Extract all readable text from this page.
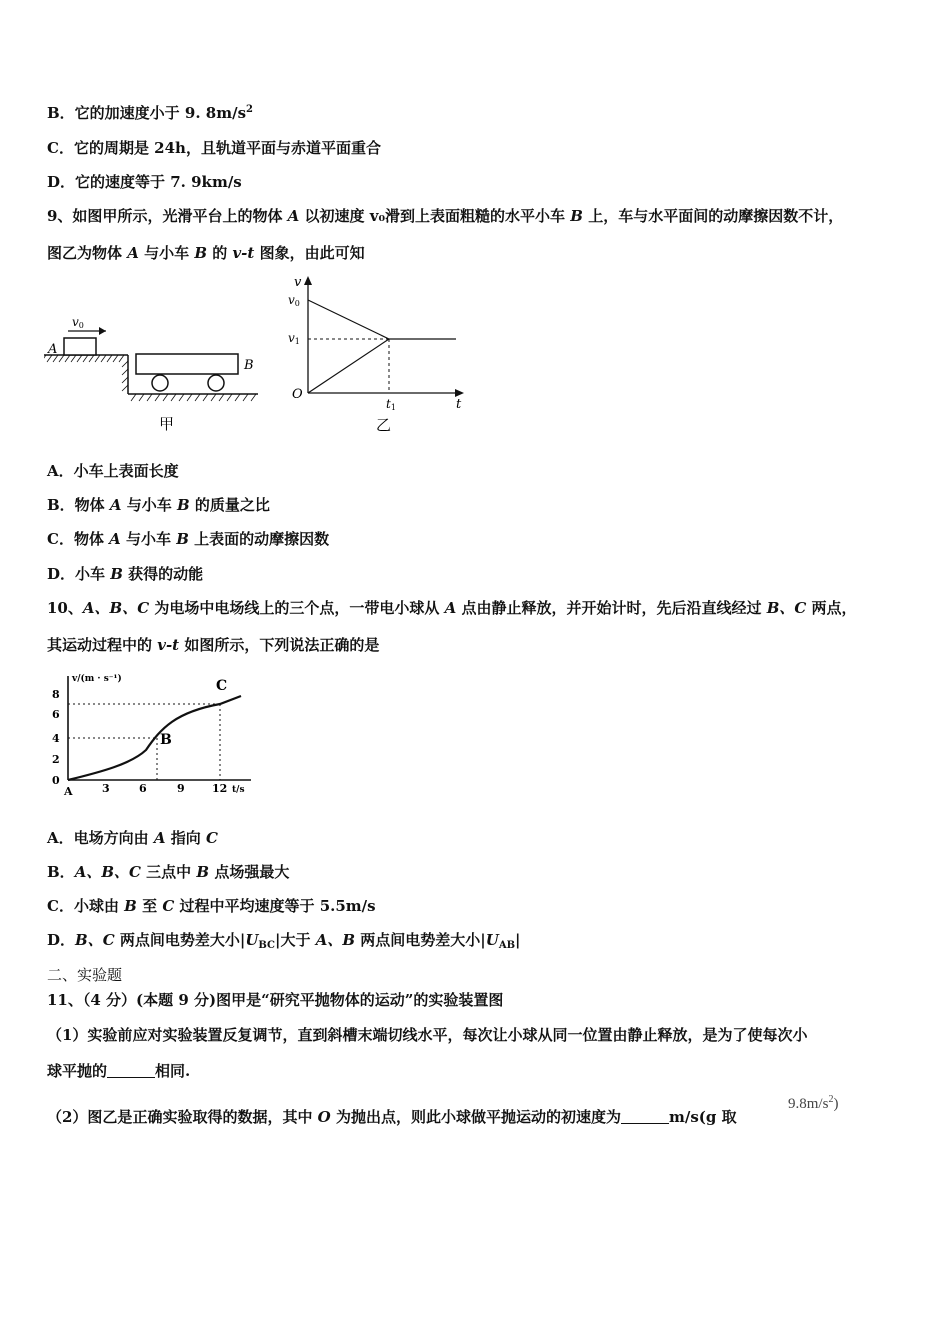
B．它的加速度小于 9. $8m/s^2$
C．它的周期是 24h，且轨道平面与赤道平面重合
D．它的速度等于 7. 9km/s
9、如图甲所示，光滑平台上的物体 A 以初速度 v₀滑到上表面粗糙的水平小车 B 上，车与水平面间的动摩擦因数不计，
图乙为物体 A 与小车 B 的 v-t 图象，由此可知
v0
A
B
甲
v
t
O
v0
v1
t1
乙
A．小车上表面长度
B．物体 A 与小车 B 的质量之比
C．物体 A 与小车 B 上表面的动摩擦因数
D．小车 B 获得的动能
10、A、B、C 为电场中电场线上的三个点，一带电小球从 A 点由静止释放，并开始计时，先后沿直线经过 B、C 两点，
其运动过程中的 v-t 如图所示，下列说法正确的是
v/(m · s⁻¹)
8
6
4
2
0
A	3	6	9 12 t/s
B
C
A．电场方向由 A 指向 C
B．A、B、C 三点中 B 点场强最大
C．小球由 B 至 C 过程中平均速度等于 5.5m/s
D．B、C 两点间电势差大小$|U_{BC}|$大于 A、B 两点间电势差大小$|U_{AB}|$
二、实验题
11、（4 分）(本题 9 分)图甲是“研究平抛物体的运动”的实验装置图
（1）实验前应对实验装置反复调节，直到斜槽末端切线水平，每次让小球从同一位置由静止释放，是为了使每次小
球平抛的	相同.
（2）图乙是正确实验取得的数据，其中 O 为抛出点，则此小球做平抛运动的初速度为	m/s(g 取
$9.8m/s^2$)
